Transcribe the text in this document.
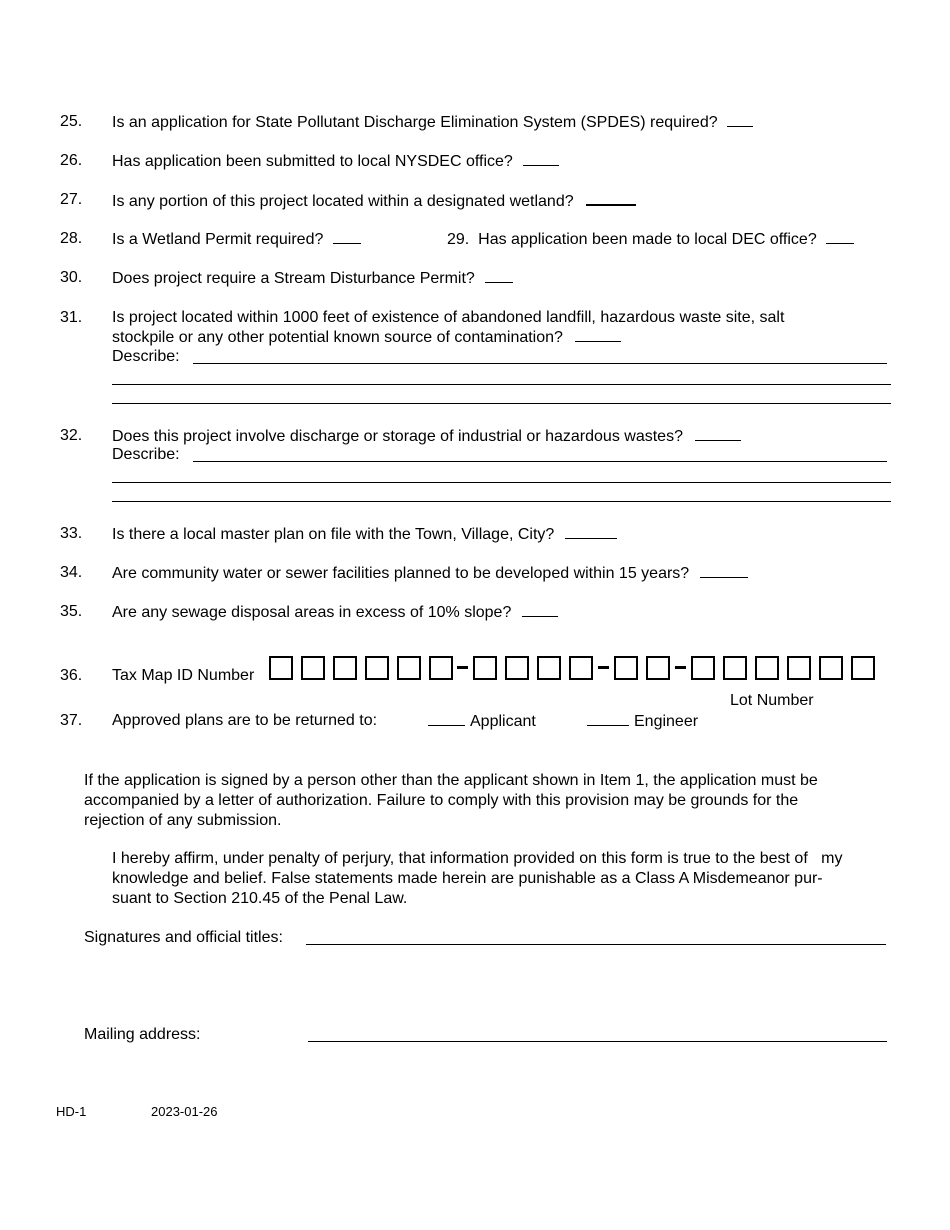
25. Is an application for State Pollutant Discharge Elimination System (SPDES) required?
26. Has application been submitted to local NYSDEC office?
27. Is any portion of this project located within a designated wetland?
28. Is a Wetland Permit required?	29. Has application been made to local DEC office?
30. Does project require a Stream Disturbance Permit?
31. Is project located within 1000 feet of existence of abandoned landfill, hazardous waste site, salt
stockpile or any other potential known source of contamination?
Describe:
32. Does this project involve discharge or storage of industrial or hazardous wastes?
Describe:
33. Is there a local master plan on file with the Town, Village, City?
34. Are community water or sewer facilities planned to be developed within 15 years?
35. Are any sewage disposal areas in excess of 10% slope?
36. Tax Map ID Number
Lot Number
37. Approved plans are to be returned to:	Applicant	Engineer
If the application is signed by a person other than the applicant shown in Item 1, the application must be
accompanied by a letter of authorization. Failure to comply with this provision may be grounds for the
rejection of any submission.
I hereby affirm, under penalty of perjury, that information provided on this form is true to the best of my
knowledge and belief. False statements made herein are punishable as a Class A Misdemeanor pur-
suant to Section 210.45 of the Penal Law.
Signatures and official titles:
Mailing address:
HD-1	2023-01-26
